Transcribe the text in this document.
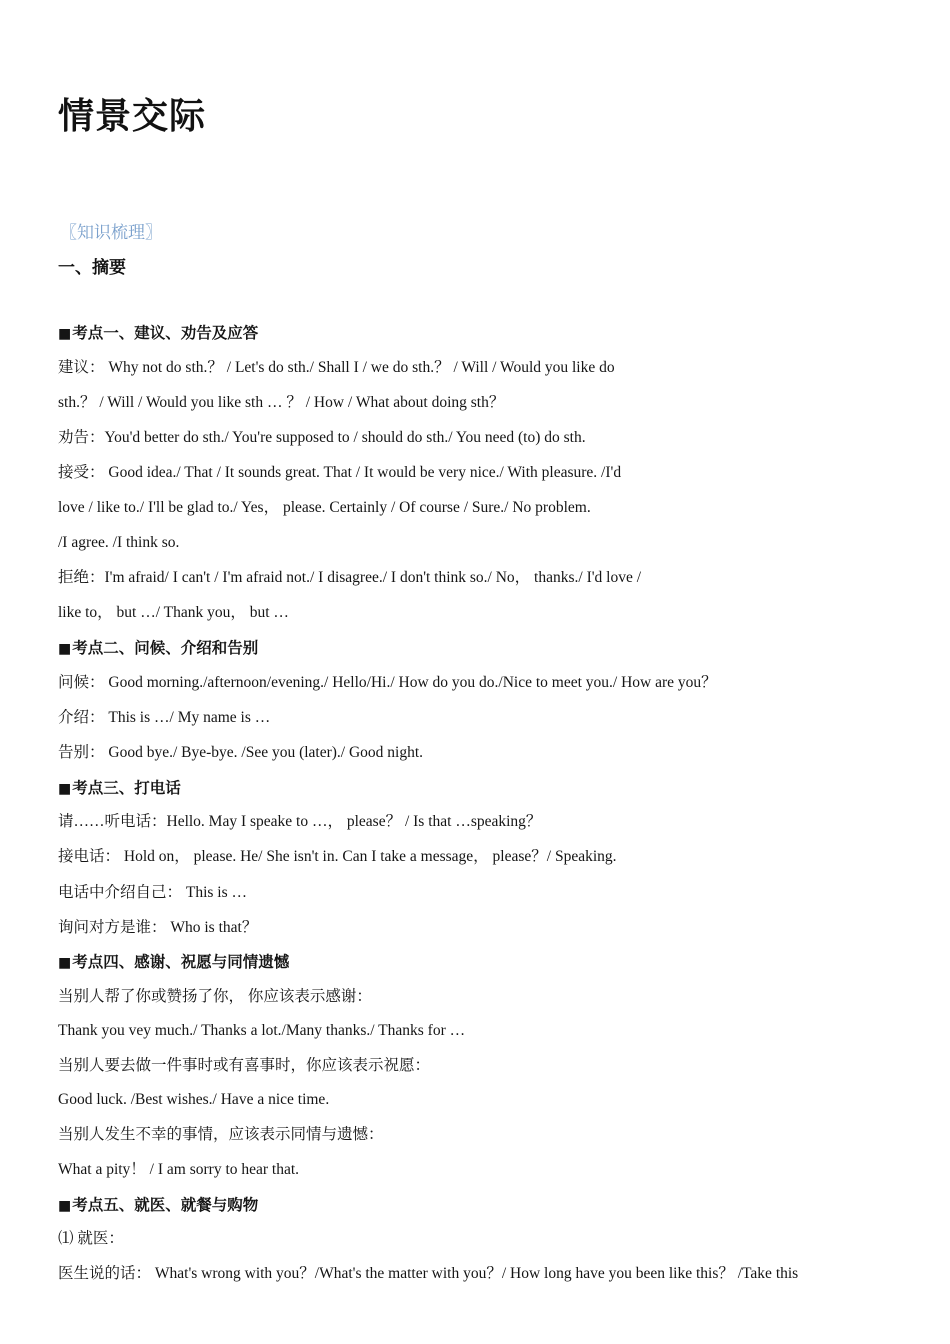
情景交际
〖知识梳理〗
一、摘要
■考点一、建议、劝告及应答
建议： Why not do sth.？ / Let's do sth./ Shall I / we do sth.？ / Will / Would you like do
sth.？ / Will / Would you like sth … ？ / How / What about doing sth？
劝告：You'd better do sth./ You're supposed to / should do sth./ You need (to) do sth.
接受： Good idea./ That / It sounds great. That / It would be very nice./ With pleasure. /I'd
love / like to./ I'll be glad to./ Yes， please. Certainly / Of course / Sure./ No problem.
/I agree. /I think so.
拒绝：I'm afraid/ I can't / I'm afraid not./ I disagree./ I don't think so./ No， thanks./ I'd love /
like to， but …/ Thank you， but …
■考点二、问候、介绍和告别
问候： Good morning./afternoon/evening./ Hello/Hi./ How do you do./Nice to meet you./ How are you？
介绍： This is …/ My name is …
告别： Good bye./ Bye-bye. /See you (later)./ Good night.
■考点三、打电话
请……听电话：Hello. May I speake to …， please？ / Is that …speaking？
接电话： Hold on， please. He/ She isn't in. Can I take a message， please？/ Speaking.
电话中介绍自己： This is …
询问对方是谁： Who is that？
■考点四、感谢、祝愿与同情遗憾
当别人帮了你或赞扬了你， 你应该表示感谢：
Thank you vey much./ Thanks a lot./Many thanks./ Thanks for …
当别人要去做一件事时或有喜事时，你应该表示祝愿：
Good luck. /Best wishes./ Have a nice time.
当别人发生不幸的事情，应该表示同情与遗憾：
What a pity！ / I am sorry to hear that.
■考点五、就医、就餐与购物
⑴ 就医：
医生说的话： What's wrong with you？/What's the matter with you？/ How long have you been like this？ /Take this
